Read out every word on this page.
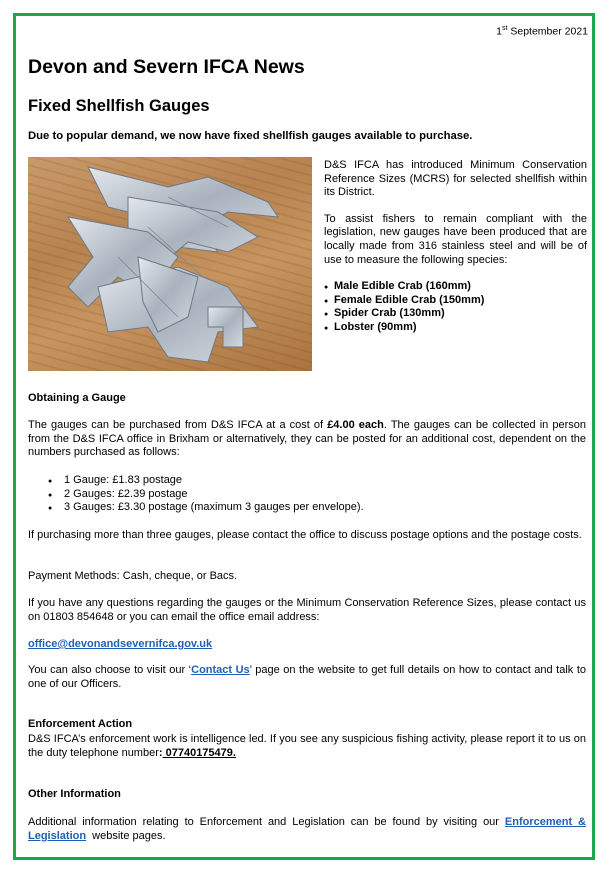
1st September 2021
Devon and Severn IFCA News
Fixed Shellfish Gauges

Due to popular demand, we now have fixed shellfish gauges available to purchase.

D&S IFCA has introduced Minimum Conservation Reference Sizes (MCRS) for selected shellfish within its District.

To assist fishers to remain compliant with the legislation, new gauges have been produced that are locally made from 316 stainless steel and will be of use to measure the following species:

● Male Edible Crab (160mm)
● Female Edible Crab (150mm)
● Spider Crab (130mm)
● Lobster (90mm)

Obtaining a Gauge

The gauges can be purchased from D&S IFCA at a cost of £4.00 each. The gauges can be collected in person from the D&S IFCA office in Brixham or alternatively, they can be posted for an additional cost, dependent on the numbers purchased as follows:

● 1 Gauge: £1.83 postage
● 2 Gauges: £2.39 postage
● 3 Gauges: £3.30 postage (maximum 3 gauges per envelope).

If purchasing more than three gauges, please contact the office to discuss postage options and the postage costs.

Payment Methods: Cash, cheque, or Bacs.

If you have any questions regarding the gauges or the Minimum Conservation Reference Sizes, please contact us on 01803 854648 or you can email the office email address:

office@devonandsevernifca.gov.uk

You can also choose to visit our ‘Contact Us’ page on the website to get full details on how to contact and talk to one of our Officers.

Enforcement Action

D&S IFCA’s enforcement work is intelligence led. If you see any suspicious fishing activity, please report it to us on the duty telephone number: 07740175479.

Other Information

Additional information relating to Enforcement and Legislation can be found by visiting our Enforcement & Legislation  website pages.
